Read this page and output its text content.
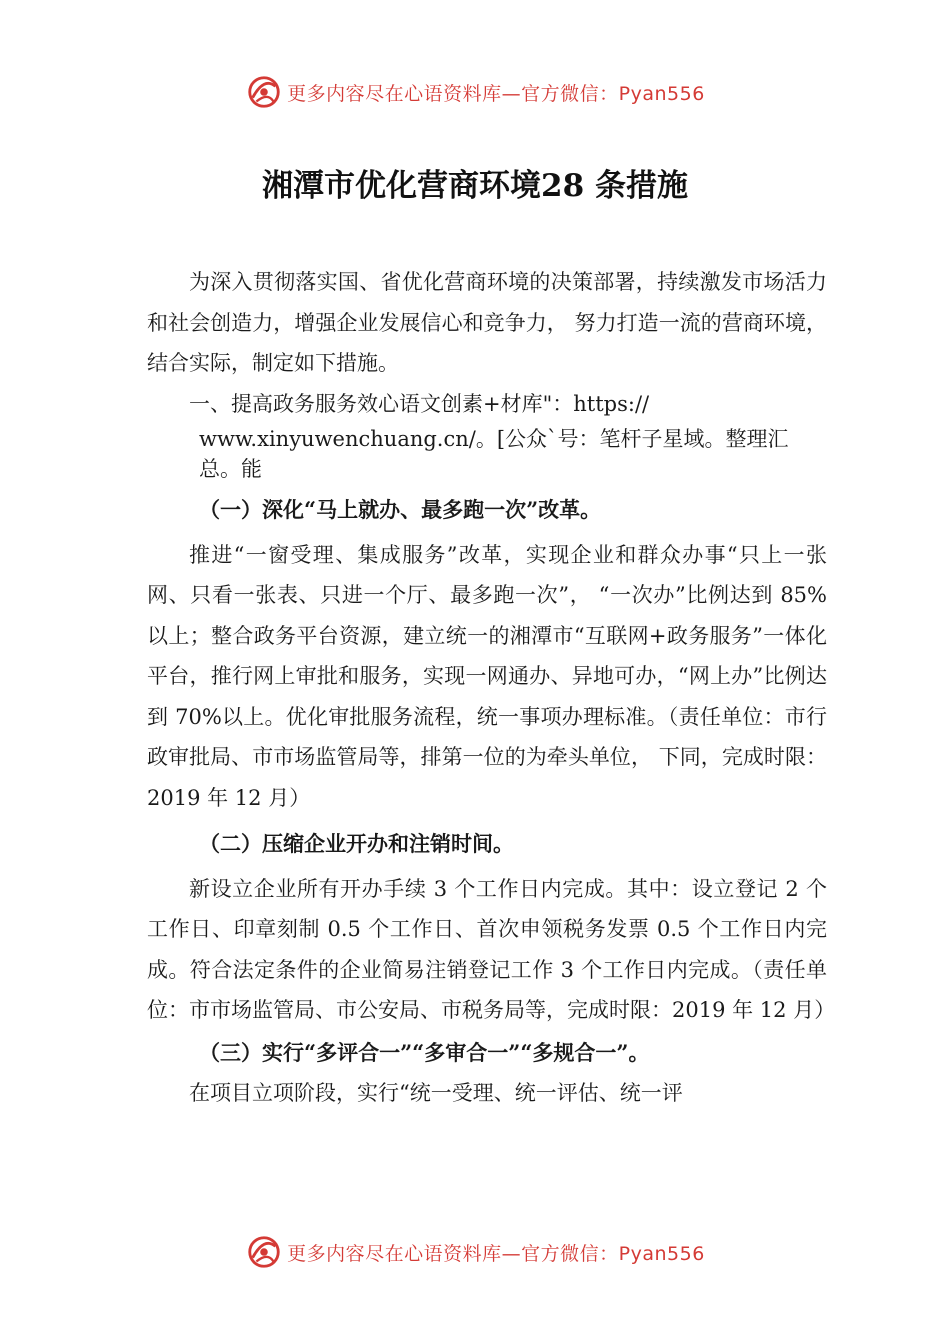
更多内容尽在心语资料库—官方微信：Pyan556
湘潭市优化营商环境28 条措施

为深入贯彻落实国、省优化营商环境的决策部署，持续激发市场活力和社会创造力，增强企业发展信心和竞争力， 努力打造一流的营商环境，结合实际，制定如下措施。

一、提高政务服务效心语文创素+材库"：https://

www.xinyuwenchuang.cn/。[公众`号：笔杆子星域。整理汇总。能

（一）深化“马上就办、最多跑一次”改革。

推进“一窗受理、集成服务”改革，实现企业和群众办事“只上一张网、只看一张表、只进一个厅、最多跑一次”， “一次办”比例达到 85%以上；整合政务平台资源，建立统一的湘潭市“互联网+政务服务”一体化平台，推行网上审批和服务，实现一网通办、异地可办，“网上办”比例达到 70%以上。优化审批服务流程，统一事项办理标准。（责任单位：市行政审批局、市市场监管局等，排第一位的为牵头单位， 下同，完成时限：2019 年 12 月）

（二）压缩企业开办和注销时间。

新设立企业所有开办手续 3 个工作日内完成。其中：设立登记 2 个工作日、印章刻制 0.5 个工作日、首次申领税务发票 0.5 个工作日内完成。符合法定条件的企业简易注销登记工作 3 个工作日内完成。（责任单位：市市场监管局、市公安局、市税务局等，完成时限：2019 年 12 月）

（三）实行“多评合一”“多审合一”“多规合一”。

在项目立项阶段，实行“统一受理、统一评估、统一评

更多内容尽在心语资料库—官方微信：Pyan556
